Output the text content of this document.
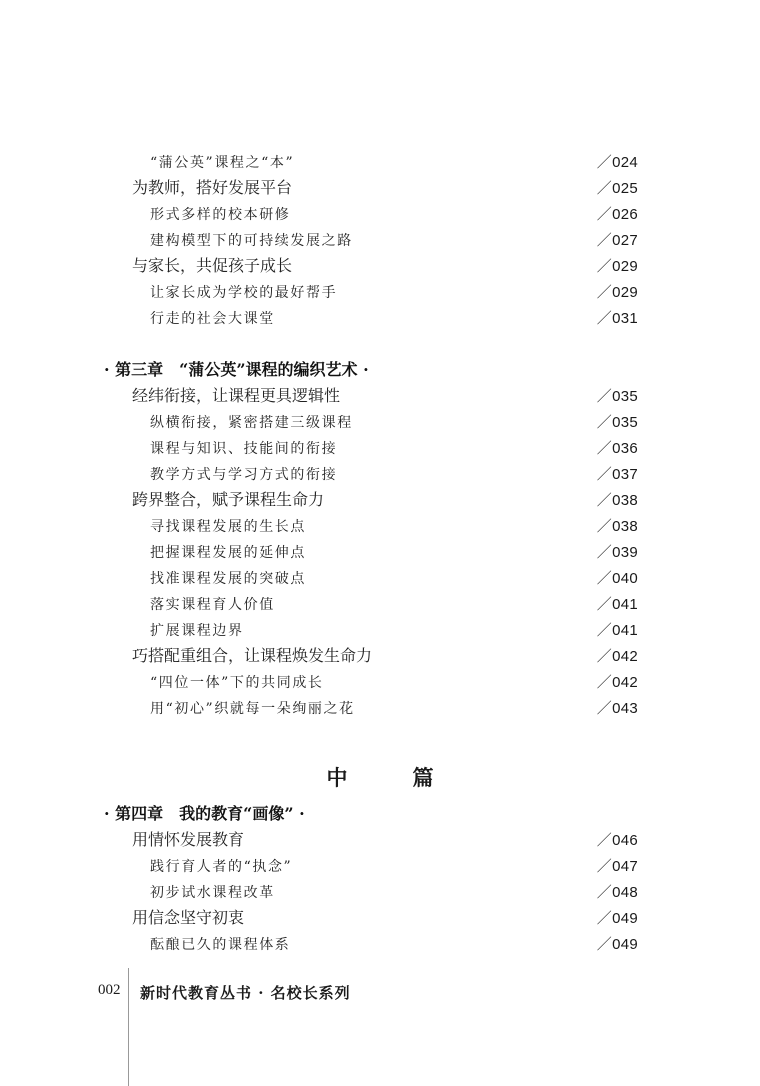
“蒲公英”课程之“本”	／024
为教师，搭好发展平台	／025
形式多样的校本研修	／026
建构模型下的可持续发展之路	／027
与家长，共促孩子成长	／029
让家长成为学校的最好帮手	／029
行走的社会大课堂	／031
· 第三章　“蒲公英”课程的编织艺术 ·
经纬衔接，让课程更具逻辑性	／035
纵横衔接，紧密搭建三级课程	／035
课程与知识、技能间的衔接	／036
教学方式与学习方式的衔接	／037
跨界整合，赋予课程生命力	／038
寻找课程发展的生长点	／038
把握课程发展的延伸点	／039
找准课程发展的突破点	／040
落实课程育人价值	／041
扩展课程边界	／041
巧搭配重组合，让课程焕发生命力	／042
“四位一体”下的共同成长	／042
用“初心”织就每一朵绚丽之花	／043
中　篇
· 第四章　我的教育“画像” ·
用情怀发展教育	／046
践行育人者的“执念”	／047
初步试水课程改革	／048
用信念坚守初衷	／049
酝酿已久的课程体系	／049
002 新时代教育丛书 · 名校长系列
